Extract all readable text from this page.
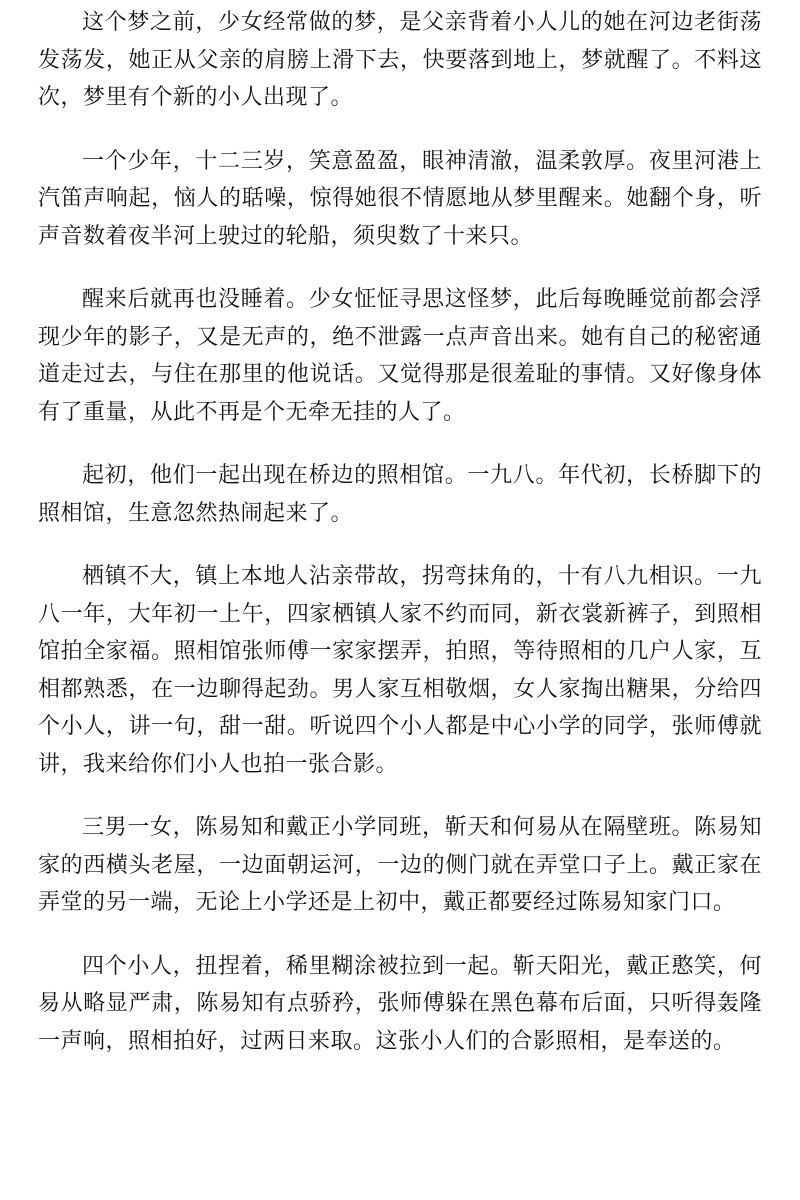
这个梦之前，少女经常做的梦，是父亲背着小人儿的她在河边老街荡发荡发，她正从父亲的肩膀上滑下去，快要落到地上，梦就醒了。不料这次，梦里有个新的小人出现了。

一个少年，十二三岁，笑意盈盈，眼神清澈，温柔敦厚。夜里河港上汽笛声响起，恼人的聒噪，惊得她很不情愿地从梦里醒来。她翻个身，听声音数着夜半河上驶过的轮船，须臾数了十来只。

醒来后就再也没睡着。少女怔怔寻思这怪梦，此后每晚睡觉前都会浮现少年的影子，又是无声的，绝不泄露一点声音出来。她有自己的秘密通道走过去，与住在那里的他说话。又觉得那是很羞耻的事情。又好像身体有了重量，从此不再是个无牵无挂的人了。

起初，他们一起出现在桥边的照相馆。一九八。年代初，长桥脚下的照相馆，生意忽然热闹起来了。

栖镇不大，镇上本地人沾亲带故，拐弯抹角的，十有八九相识。一九八一年，大年初一上午，四家栖镇人家不约而同，新衣裳新裤子，到照相馆拍全家福。照相馆张师傅一家家摆弄，拍照，等待照相的几户人家，互相都熟悉，在一边聊得起劲。男人家互相敬烟，女人家掏出糖果，分给四个小人，讲一句，甜一甜。听说四个小人都是中心小学的同学，张师傅就讲，我来给你们小人也拍一张合影。

三男一女，陈易知和戴正小学同班，靳天和何易从在隔壁班。陈易知家的西横头老屋，一边面朝运河，一边的侧门就在弄堂口子上。戴正家在弄堂的另一端，无论上小学还是上初中，戴正都要经过陈易知家门口。

四个小人，扭捏着，稀里糊涂被拉到一起。靳天阳光，戴正憨笑，何易从略显严肃，陈易知有点骄矜，张师傅躲在黑色幕布后面，只听得轰隆一声响，照相拍好，过两日来取。这张小人们的合影照相，是奉送的。
